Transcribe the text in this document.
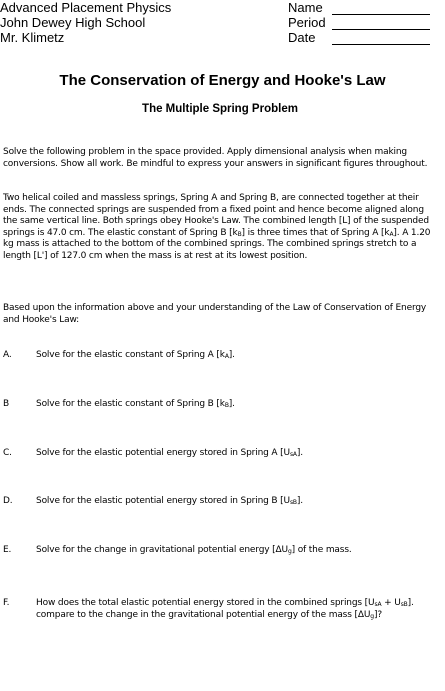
Advanced Placement Physics
John Dewey High School
Mr. Klimetz
Name
Period
Date
The Conservation of Energy and Hooke's Law
The Multiple Spring Problem
Solve the following problem in the space provided. Apply dimensional analysis when making conversions. Show all work. Be mindful to express your answers in significant figures throughout.
Two helical coiled and massless springs, Spring A and Spring B, are connected together at their ends. The connected springs are suspended from a fixed point and hence become aligned along the same vertical line. Both springs obey Hooke's Law. The combined length [L] of the suspended springs is 47.0 cm. The elastic constant of Spring B $[k_B]$ is three times that of Spring A $[k_A]$. A 1.20 kg mass is attached to the bottom of the combined springs. The combined springs stretch to a length [L'] of 127.0 cm when the mass is at rest at its lowest position.
Based upon the information above and your understanding of the Law of Conservation of Energy and Hooke's Law:
A.	Solve for the elastic constant of Spring A $[k_A]$.
B	Solve for the elastic constant of Spring B $[k_B]$.
C.	Solve for the elastic potential energy stored in Spring A $[U_{sA}]$.
D.	Solve for the elastic potential energy stored in Spring B $[U_{sB}]$.
E.	Solve for the change in gravitational potential energy $[\Delta U_g]$ of the mass.
F.	How does the total elastic potential energy stored in the combined springs $[U_{sA} + U_{sB}]$. compare to the change in the gravitational potential energy of the mass $[\Delta U_g]$?
